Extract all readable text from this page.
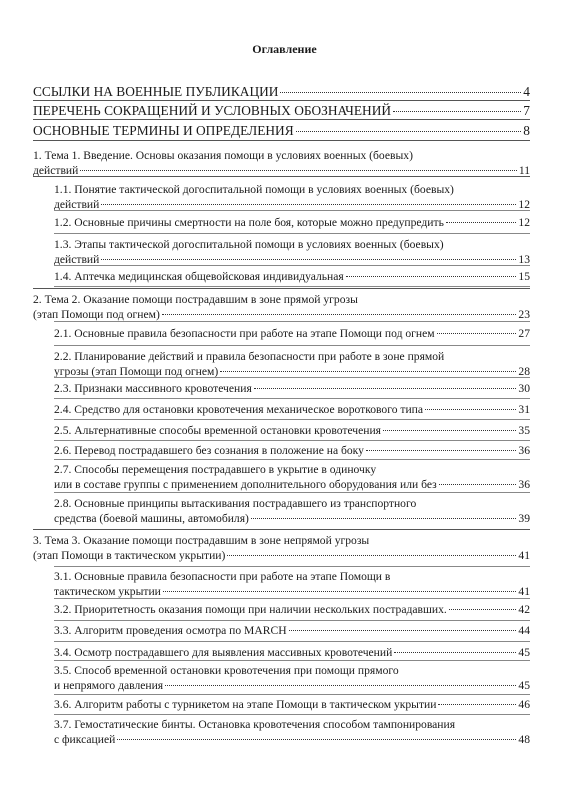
Оглавление
ССЫЛКИ НА ВОЕННЫЕ ПУБЛИКАЦИИ	4
ПЕРЕЧЕНЬ СОКРАЩЕНИЙ И УСЛОВНЫХ ОБОЗНАЧЕНИЙ	7
ОСНОВНЫЕ ТЕРМИНЫ И ОПРЕДЕЛЕНИЯ	8
1. Тема 1. Введение. Основы оказания помощи в условиях военных (боевых)
действий	11
1.1. Понятие тактической догоспитальной помощи в условиях военных (боевых)
действий	12
1.2. Основные причины смертности на поле боя, которые можно предупредить	12
1.3. Этапы тактической догоспитальной помощи в условиях военных (боевых)
действий	13
1.4. Аптечка медицинская общевойсковая индивидуальная	15
2. Тема 2. Оказание помощи пострадавшим в зоне прямой угрозы
(этап Помощи под огнем)	23
2.1. Основные правила безопасности при работе на этапе Помощи под огнем	27
2.2. Планирование действий и правила безопасности при работе в зоне прямой
угрозы (этап Помощи под огнем)	28
2.3. Признаки массивного кровотечения	30
2.4. Средство для остановки кровотечения механическое вороткового типа	31
2.5. Альтернативные способы временной остановки кровотечения	35
2.6. Перевод пострадавшего без сознания в положение на боку	36
2.7. Способы перемещения пострадавшего в укрытие в одиночку
или в составе группы с применением дополнительного оборудования или без	36
2.8. Основные принципы вытаскивания пострадавшего из транспортного
средства (боевой машины, автомобиля)	39
3. Тема 3. Оказание помощи пострадавшим в зоне непрямой угрозы
(этап Помощи в тактическом укрытии)	41
3.1. Основные правила безопасности при работе на этапе Помощи в
тактическом укрытии	41
3.2. Приоритетность оказания помощи при наличии нескольких пострадавших.	42
3.3. Алгоритм проведения осмотра по MARCH	44
3.4. Осмотр пострадавшего для выявления массивных кровотечений	45
3.5. Способ временной остановки кровотечения при помощи прямого
и непрямого давления	45
3.6. Алгоритм работы с турникетом на этапе Помощи в тактическом укрытии	46
3.7. Гемостатические бинты. Остановка кровотечения способом тампонирования
с фиксацией	48
